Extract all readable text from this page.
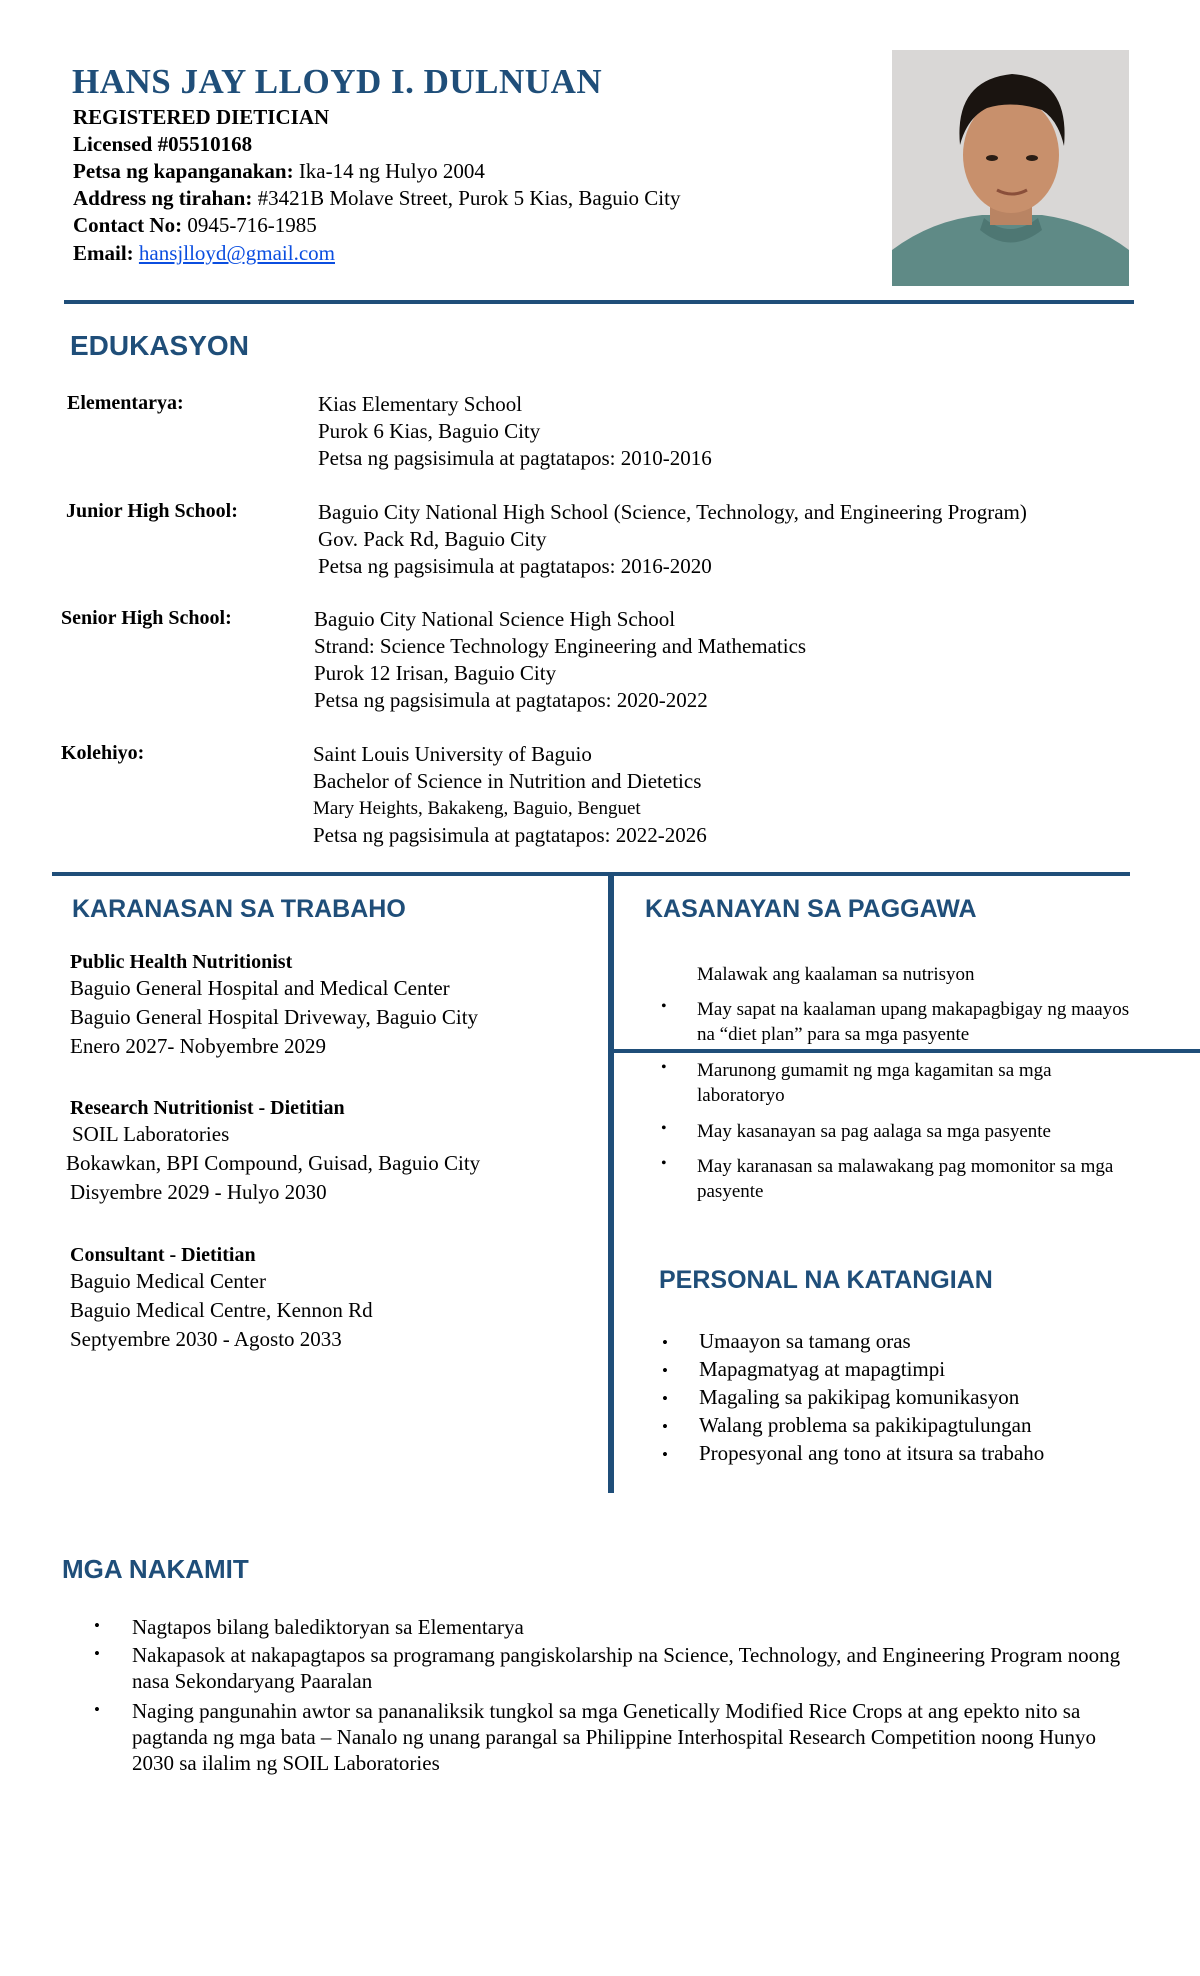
HANS JAY LLOYD I. DULNUAN
REGISTERED DIETICIAN
Licensed #05510168
Petsa ng kapanganakan: Ika-14 ng Hulyo 2004
Address ng tirahan: #3421B Molave Street, Purok 5 Kias, Baguio City
Contact No: 0945-716-1985
Email: hansjlloyd@gmail.com
EDUKASYON
Elementarya:	Kias Elementary School
Purok 6 Kias, Baguio City
Petsa ng pagsisimula at pagtatapos: 2010-2016
Junior High School:	Baguio City National High School (Science, Technology, and Engineering Program)
Gov. Pack Rd, Baguio City
Petsa ng pagsisimula at pagtatapos: 2016-2020
Senior High School:	Baguio City National Science High School
Strand: Science Technology Engineering and Mathematics
Purok 12 Irisan, Baguio City
Petsa ng pagsisimula at pagtatapos: 2020-2022
Kolehiyo:	Saint Louis University of Baguio
Bachelor of Science in Nutrition and Dietetics
Mary Heights, Bakakeng, Baguio, Benguet
Petsa ng pagsisimula at pagtatapos: 2022-2026
KARANASAN SA TRABAHO
Public Health Nutritionist
Baguio General Hospital and Medical Center
Baguio General Hospital Driveway, Baguio City
Enero 2027- Nobyembre 2029
Research Nutritionist - Dietitian
SOIL Laboratories
Bokawkan, BPI Compound, Guisad, Baguio City
Disyembre 2029 - Hulyo 2030
Consultant - Dietitian
Baguio Medical Center
Baguio Medical Centre, Kennon Rd
Septyembre 2030 - Agosto 2033
KASANAYAN SA PAGGAWA
Malawak ang kaalaman sa nutrisyon
• May sapat na kaalaman upang makapagbigay ng maayos na “diet plan” para sa mga pasyente
• Marunong gumamit ng mga kagamitan sa mga laboratoryo
• May kasanayan sa pag aalaga sa mga pasyente
• May karanasan sa malawakang pag momonitor sa mga pasyente
PERSONAL NA KATANGIAN
• Umaayon sa tamang oras
• Mapagmatyag at mapagtimpi
• Magaling sa pakikipag komunikasyon
• Walang problema sa pakikipagtulungan
• Propesyonal ang tono at itsura sa trabaho
MGA NAKAMIT
• Nagtapos bilang balediktoryan sa Elementarya
• Nakapasok at nakapagtapos sa programang pangiskolarship na Science, Technology, and Engineering Program noong nasa Sekondaryang Paaralan
• Naging pangunahin awtor sa pananaliksik tungkol sa mga Genetically Modified Rice Crops at ang epekto nito sa pagtanda ng mga bata – Nanalo ng unang parangal sa Philippine Interhospital Research Competition noong Hunyo 2030 sa ilalim ng SOIL Laboratories
